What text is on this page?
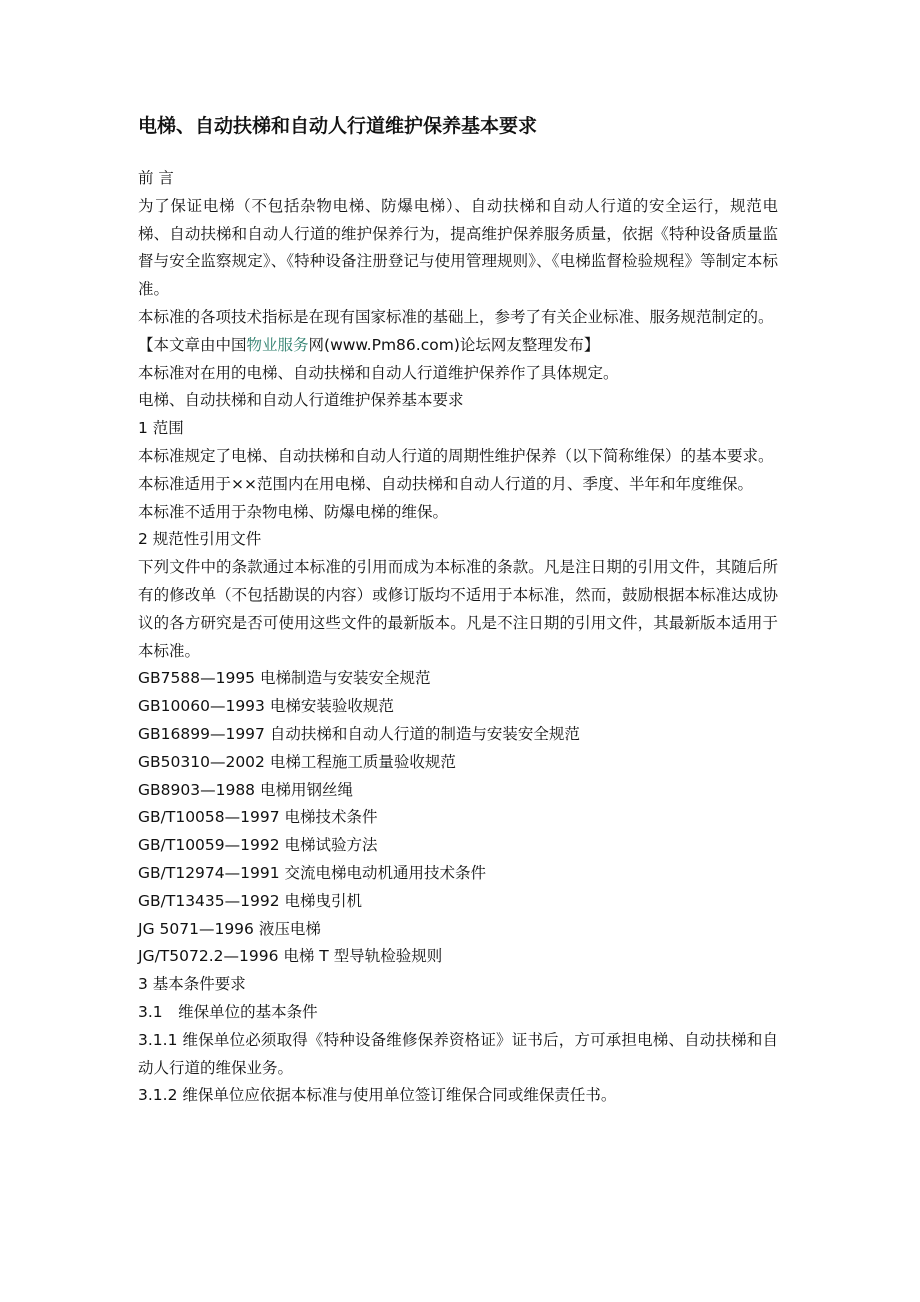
电梯、自动扶梯和自动人行道维护保养基本要求

前 言

为了保证电梯（不包括杂物电梯、防爆电梯）、自动扶梯和自动人行道的安全运行，规范电梯、自动扶梯和自动人行道的维护保养行为，提高维护保养服务质量，依据《特种设备质量监督与安全监察规定》、《特种设备注册登记与使用管理规则》、《电梯监督检验规程》等制定本标准。

本标准的各项技术指标是在现有国家标准的基础上，参考了有关企业标准、服务规范制定的。

【本文章由中国物业服务网(www.Pm86.com)论坛网友整理发布】

本标准对在用的电梯、自动扶梯和自动人行道维护保养作了具体规定。

电梯、自动扶梯和自动人行道维护保养基本要求

1 范围

本标准规定了电梯、自动扶梯和自动人行道的周期性维护保养（以下简称维保）的基本要求。

本标准适用于××范围内在用电梯、自动扶梯和自动人行道的月、季度、半年和年度维保。

本标准不适用于杂物电梯、防爆电梯的维保。

2 规范性引用文件

下列文件中的条款通过本标准的引用而成为本标准的条款。凡是注日期的引用文件，其随后所有的修改单（不包括勘误的内容）或修订版均不适用于本标准，然而，鼓励根据本标准达成协议的各方研究是否可使用这些文件的最新版本。凡是不注日期的引用文件，其最新版本适用于本标准。

GB7588—1995 电梯制造与安装安全规范

GB10060—1993 电梯安装验收规范

GB16899—1997 自动扶梯和自动人行道的制造与安装安全规范

GB50310—2002 电梯工程施工质量验收规范

GB8903—1988 电梯用钢丝绳

GB/T10058—1997 电梯技术条件

GB/T10059—1992 电梯试验方法

GB/T12974—1991 交流电梯电动机通用技术条件

GB/T13435—1992 电梯曳引机

JG 5071—1996 液压电梯

JG/T5072.2—1996 电梯 T 型导轨检验规则

3 基本条件要求

3.1　维保单位的基本条件

3.1.1 维保单位必须取得《特种设备维修保养资格证》证书后，方可承担电梯、自动扶梯和自动人行道的维保业务。

3.1.2 维保单位应依据本标准与使用单位签订维保合同或维保责任书。
